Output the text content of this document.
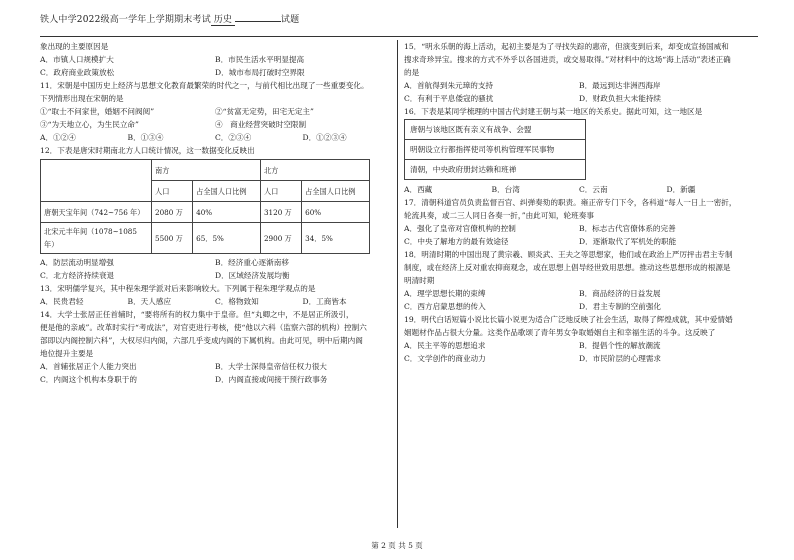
铁人中学2022级高一学年上学期期末考试 历史	试题

象出现的主要原因是

A．市镇人口规模扩大	B．市民生活水平明显提高
C．政府商业政策放松	D．城市布局打破时空界限

11．宋朝是中国历史上经济与思想文化教育最繁荣的时代之一，与前代相比出现了一些重要变化。

下列情形出现在宋朝的是

①“取士不问家世，婚姻不问阀阅”	②“贫富无定势，田宅无定主”
③“为天地立心，为生民立命”	④　商业经营突破时空限制
A．①②④	B．①③④	C．②③④	D．①②③④

12．下表是唐宋时期南北方人口统计情况，这一数据变化反映出

	南方		北方	
	人口	占全国人口比例	人口	占全国人口比例
唐朝天宝年间（742~756 年）	2080 万	40%	3120 万	60%
北宋元丰年间（1078~1085 年）	5500 万	65．5%	2900 万	34．5%
A．防层流动明显增强	B．经济重心逐渐南移
C．北方经济持续衰退	D．区域经济发展均衡

13．宋明儒学复兴，其中程朱理学派对后来影响较大。下列属于程朱理学观点的是

A．民贵君轻	B．天人感应	C．格物致知	D．工商皆本

14．大学士张居正任首辅时，“要将所有的权力集中于皇帝。但“丸卿之中，不是居正所汲引，

便是他的亲戚”。改革时实行“考成法”，对官吏进行考核，使“他以六科（监察六部的机构）控制六

部即以内阁控制六科”，大权尽归内阁，六部几乎变成内阁的下属机构。由此可见，明中后期内阁

地位提升主要是

A．首辅张居正个人能力突出	B．大学士深得皇帝信任权力很大
C．内阁这个机构本身职于的	D．内阁直接或间接干预行政事务

15．“明永乐朝的海上活动，起初主要是为了寻找失踪的惠帝，但演变到后来，却变成宣扬国威和

搜求奇珍异宝。搜求的方式不外乎以各国进贡，或交易取得。”对材料中的这场“海上活动”表述正确

的是

A．首航得到朱元璋的支持	B．最远到达非洲西海岸
C．有利于平息倭寇的骚扰	D．财政负担大未能持续

16．下表是某同学梳理的中国古代封建王朝与某一地区的关系史。据此可知，这一地区是

唐朝与该地区既有亲义有战争、会盟
明朝设立行都指挥使司等机构管理军民事物
清朝，中央政府册封达赖和班禅
A．西藏	B．台湾	C．云南	D．新疆

17．清朝科道官员负责监督百官、纠弹奏劾的职责。雍正帝专门下令，各科道“每人一日上一密折，

轮流具奏，或二三人同日各奏一折，”由此可知，轮班奏事

A．强化了皇帝对官僚机构的控制	B．标志古代官僚体系的完善
C．中央了解地方的最有效途径	D．逐渐取代了军机处的职能

18．明清时期的中国出现了黄宗羲、顾炎武、王夫之等思想家，他们或在政治上严厉抨击君主专制

制度，或在经济上反对重农抑商观念，或在思想上倡导经世致用思想。推动这些思想形成的根源是

明清时期

A．理学思想长期的束缚	B．商品经济的日益发展
C．西方启蒙思想的传入	D．君主专制的空前强化

19．明代白话短篇小说比长篇小说更为适合广泛地反映了社会生活，取得了辉煌成就，其中爱情婚

姻题材作品占很大分量。这类作品歌颂了青年男女争取婚姻自主和幸福生活的斗争。这反映了

A．民主平等的思想追求	B．提倡个性的解放潮流
C．文学创作的商业动力	D．市民阶层的心理需求
第 2 页 共 5 页
